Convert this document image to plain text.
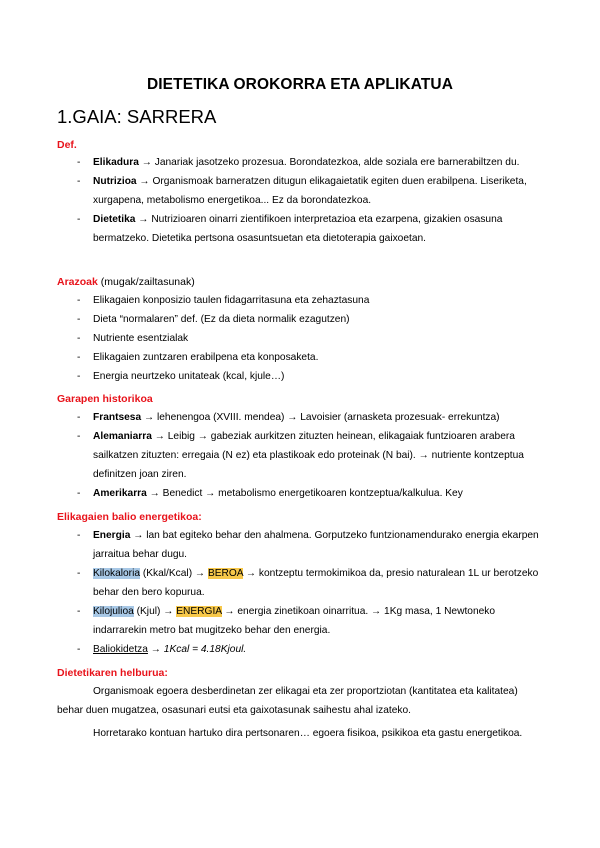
DIETETIKA OROKORRA ETA APLIKATUA
1.GAIA: SARRERA
Def.
- Elikadura → Janariak jasotzeko prozesua. Borondatezkoa, alde soziala ere barnerabiltzen du.
- Nutrizioa → Organismoak barneratzen ditugun elikagaietatik egiten duen erabilpena. Liseriketa, xurgapena, metabolismo energetikoa... Ez da borondatezkoa.
- Dietetika → Nutrizioaren oinarri zientifikoen interpretazioa eta ezarpena, gizakien osasuna bermatzeko. Dietetika pertsona osasuntsuetan eta dietoterapia gaixoetan.
Arazoak (mugak/zailtasunak)
- Elikagaien konposizio taulen fidagarritasuna eta zehaztasuna
- Dieta “normalaren” def. (Ez da dieta normalik ezagutzen)
- Nutriente esentzialak
- Elikagaien zuntzaren erabilpena eta konposaketa.
- Energia neurtzeko unitateak (kcal, kjule…)
Garapen historikoa
- Frantsesa → lehenengoa (XVIII. mendea) → Lavoisier (arnasketa prozesuak- errekuntza)
- Alemaniarra → Leibig → gabeziak aurkitzen zituzten heinean, elikagaiak funtzioaren arabera sailkatzen zituzten: erregaia (N ez) eta plastikoak edo proteinak (N bai). → nutriente kontzeptua definitzen joan ziren.
- Amerikarra → Benedict → metabolismo energetikoaren kontzeptua/kalkulua. Key
Elikagaien balio energetikoa:
- Energia → lan bat egiteko behar den ahalmena. Gorputzeko funtzionamendurako energia ekarpen jarraitua behar dugu.
- Kilokaloria (Kkal/Kcal) → BEROA → kontzeptu termokimikoa da, presio naturalean 1L ur berotzeko behar den bero kopurua.
- Kilojulioa (Kjul) → ENERGIA → energia zinetikoan oinarritua. → 1Kg masa, 1 Newtoneko indarrarekin metro bat mugitzeko behar den energia.
- Baliokidetza → 1Kcal = 4.18Kjoul.
Dietetikaren helburua:
Organismoak egoera desberdinetan zer elikagai eta zer proportziotan (kantitatea eta kalitatea) behar duen mugatzea, osasunari eutsi eta gaixotasunak saihestu ahal izateko.
Horretarako kontuan hartuko dira pertsonaren… egoera fisikoa, psikikoa eta gastu energetikoa.
